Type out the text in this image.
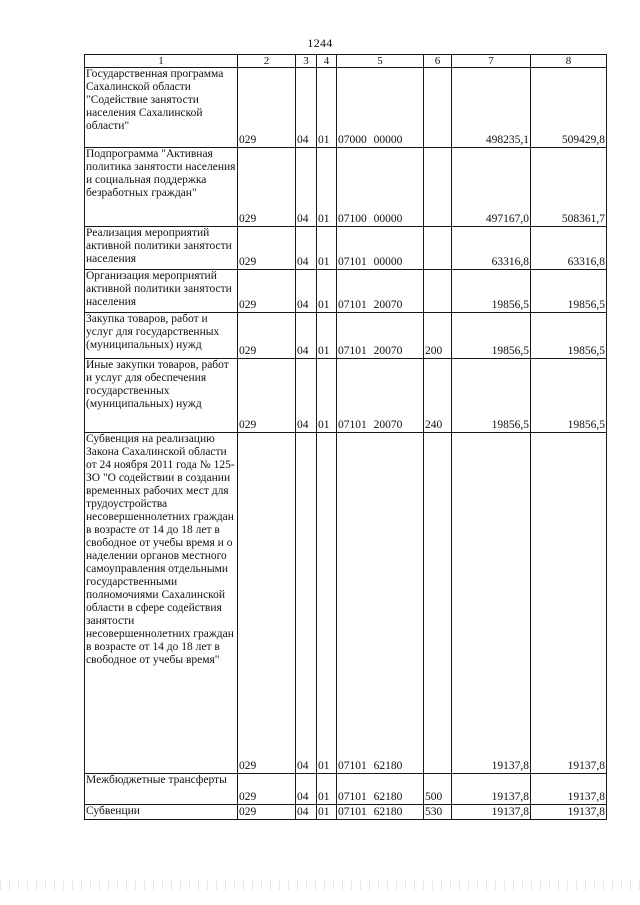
1244
1	2	3	4	5	6	7	8
Государственная программа Сахалинской области "Содействие занятости населения Сахалинской области"	029	04	01	07000 00000		498235,1	509429,8
Подпрограмма "Активная политика занятости населения и социальная поддержка безработных граждан"	029	04	01	07100 00000		497167,0	508361,7
Реализация мероприятий активной политики занятости населения	029	04	01	07101 00000		63316,8	63316,8
Организация мероприятий активной политики занятости населения	029	04	01	07101 20070		19856,5	19856,5
Закупка товаров, работ и услуг для государственных (муниципальных) нужд	029	04	01	07101 20070	200	19856,5	19856,5
Иные закупки товаров, работ и услуг для обеспечения государственных (муниципальных) нужд	029	04	01	07101 20070	240	19856,5	19856,5
Субвенция на реализацию Закона Сахалинской области от 24 ноября 2011 года № 125-ЗО "О содействии в создании временных рабочих мест для трудоустройства несовершеннолетних граждан в возрасте от 14 до 18 лет в свободное от учебы время и о наделении органов местного самоуправления отдельными государственными полномочиями Сахалинской области в сфере содействия занятости несовершеннолетних граждан в возрасте от 14 до 18 лет в свободное от учебы время"	029	04	01	07101 62180		19137,8	19137,8
Межбюджетные трансферты	029	04	01	07101 62180	500	19137,8	19137,8
Субвенции	029	04	01	07101 62180	530	19137,8	19137,8
